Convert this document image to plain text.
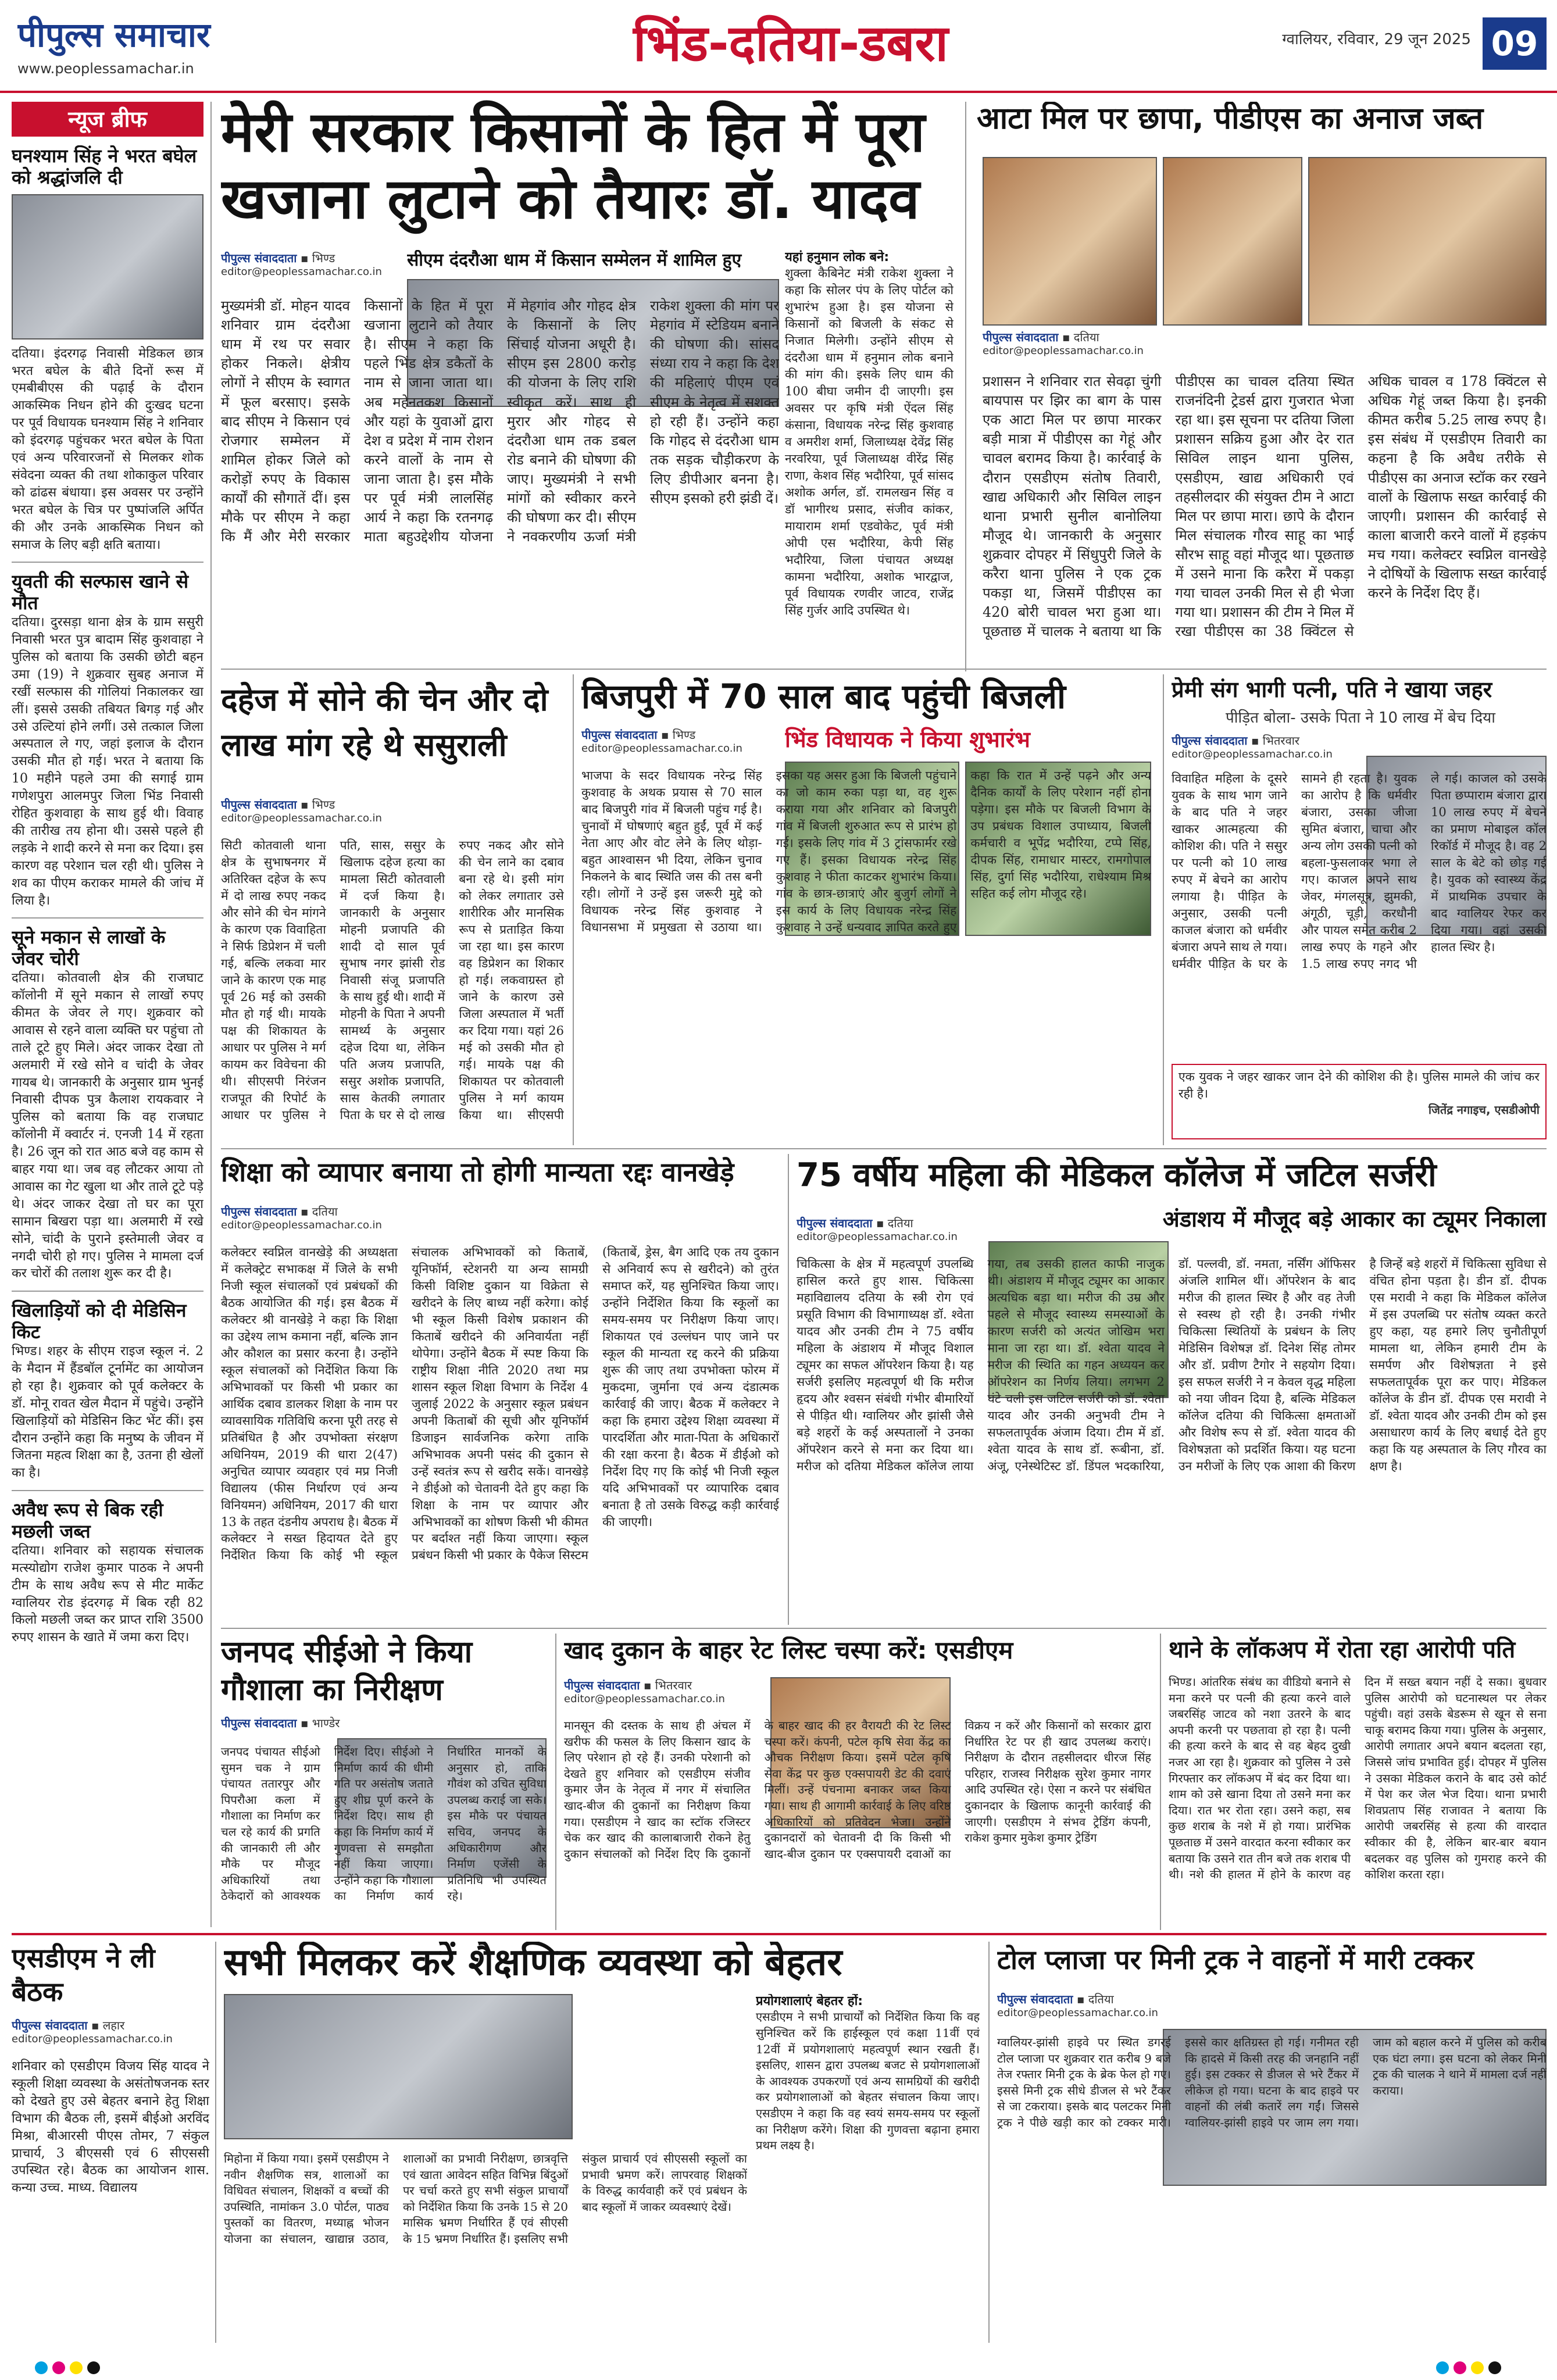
पीपुल्स समाचार
www.peoplessamachar.in	भिंड-दतिया-डबरा	ग्वालियर, रविवार, 29 जून 2025 09
न्यूज ब्रीफ
घनश्याम सिंह ने भरत बघेल को श्रद्धांजलि दी
दतिया। इंदरगढ़ निवासी मेडिकल छात्र भरत बघेल के बीते दिनों रूस में एमबीबीएस की पढ़ाई के दौरान आकस्मिक निधन होने की दुःखद घटना पर पूर्व विधायक घनश्याम सिंह ने शनिवार को इंदरगढ़ पहुंचकर भरत बघेल के पिता एवं अन्य परिवारजनों से मिलकर शोक संवेदना व्यक्त की तथा शोकाकुल परिवार को ढांढस बंधाया। इस अवसर पर उन्होंने भरत बघेल के चित्र पर पुष्पांजलि अर्पित की और उनके आकस्मिक निधन को समाज के लिए बड़ी क्षति बताया।
युवती की सल्फास खाने से मौत
दतिया। दुरसड़ा थाना क्षेत्र के ग्राम ससुरी निवासी भरत पुत्र बादाम सिंह कुशवाहा ने पुलिस को बताया कि उसकी छोटी बहन उमा (19) ने शुक्रवार सुबह अनाज में रखीं सल्फास की गोलियां निकालकर खा लीं। इससे उसकी तबियत बिगड़ गई और उसे उल्टियां होने लगीं। उसे तत्काल जिला अस्पताल ले गए, जहां इलाज के दौरान उसकी मौत हो गई। भरत ने बताया कि 10 महीने पहले उमा की सगाई ग्राम गणेशपुरा आलमपुर जिला भिंड निवासी रोहित कुशवाहा के साथ हुई थी। विवाह की तारीख तय होना थी। उससे पहले ही लड़के ने शादी करने से मना कर दिया। इस कारण वह परेशान चल रही थी। पुलिस ने शव का पीएम कराकर मामले की जांच में लिया है।
सूने मकान से लाखों के जेवर चोरी
दतिया। कोतवाली क्षेत्र की राजघाट कॉलोनी में सूने मकान से लाखों रुपए कीमत के जेवर ले गए। शुक्रवार को आवास से रहने वाला व्यक्ति घर पहुंचा तो ताले टूटे हुए मिले। अंदर जाकर देखा तो अलमारी में रखे सोने व चांदी के जेवर गायब थे। जानकारी के अनुसार ग्राम भुनई निवासी दीपक पुत्र कैलाश रायकवार ने पुलिस को बताया कि वह राजघाट कॉलोनी में क्वार्टर नं. एनजी 14 में रहता है। 26 जून को रात आठ बजे वह काम से बाहर गया था। जब वह लौटकर आया तो आवास का गेट खुला था और ताले टूटे पड़े थे। अंदर जाकर देखा तो घर का पूरा सामान बिखरा पड़ा था। अलमारी में रखे सोने, चांदी के पुराने इस्तेमाली जेवर व नगदी चोरी हो गए। पुलिस ने मामला दर्ज कर चोरों की तलाश शुरू कर दी है।
खिलाड़ियों को दी मेडिसिन किट
भिण्ड। शहर के सीएम राइज स्कूल नं. 2 के मैदान में हैंडबॉल टूर्नामेंट का आयोजन हो रहा है। शुक्रवार को पूर्व कलेक्टर के डॉ. मोनू रावत खेल मैदान में पहुंचे। उन्होंने खिलाड़ियों को मेडिसिन किट भेंट कीं। इस दौरान उन्होंने कहा कि मनुष्य के जीवन में जितना महत्व शिक्षा का है, उतना ही खेलों का है।
अवैध रूप से बिक रही मछली जब्त
दतिया। शनिवार को सहायक संचालक मत्स्योद्योग राजेश कुमार पाठक ने अपनी टीम के साथ अवैध रूप से मीट मार्केट ग्वालियर रोड इंदरगढ़ में बिक रही 82 किलो मछली जब्त कर प्राप्त राशि 3500 रुपए शासन के खाते में जमा करा दिए।
मेरी सरकार किसानों के हित में पूरा खजाना लुटाने को तैयारः डॉ. यादव
पीपुल्स संवाददाता ▪ भिण्ड
editor@peoplessamachar.co.in
सीएम दंदरौआ धाम में किसान सम्मेलन में शामिल हुए
मुख्यमंत्री डॉ. मोहन यादव शनिवार ग्राम दंदरौआ धाम में रथ पर सवार होकर निकले। क्षेत्रीय लोगों ने सीएम के स्वागत में फूल बरसाए। इसके बाद सीएम ने किसान एवं रोजगार सम्मेलन में शामिल होकर जिले को करोड़ों रुपए के विकास कार्यों की सौगातें दीं। इस मौके पर सीएम ने कहा कि मैं और मेरी सरकार किसानों के हित में पूरा खजाना लुटाने को तैयार है। सीएम ने कहा कि पहले भिंड क्षेत्र डकैतों के नाम से जाना जाता था। अब महेनतकश किसानों और यहां के युवाओं द्वारा देश व प्रदेश में नाम रोशन करने वालों के नाम से जाना जाता है। इस मौके पर पूर्व मंत्री लालसिंह आर्य ने कहा कि रतनगढ़ माता बहुउद्देशीय योजना में मेहगांव और गोहद क्षेत्र के किसानों के लिए सिंचाई योजना अधूरी है। सीएम इस 2800 करोड़ की योजना के लिए राशि स्वीकृत करें। साथ ही मुरार और गोहद से दंदरौआ धाम तक डबल रोड बनाने की घोषणा की जाए। मुख्यमंत्री ने सभी मांगों को स्वीकार करने की घोषणा कर दी। सीएम ने नवकरणीय ऊर्जा मंत्री राकेश शुक्ला की मांग पर मेहगांव में स्टेडियम बनाने की घोषणा की। सांसद संध्या राय ने कहा कि देश की महिलाएं पीएम एवं सीएम के नेतृत्व में सशक्त हो रही हैं। उन्होंने कहा कि गोहद से दंदरौआ धाम तक सड़क चौड़ीकरण के लिए डीपीआर बनना है। सीएम इसको हरी झंडी दें।
यहां हनुमान लोक बने:
शुक्ला कैबिनेट मंत्री राकेश शुक्ला ने कहा कि सोलर पंप के लिए पोर्टल को शुभारंभ हुआ है। इस योजना से किसानों को बिजली के संकट से निजात मिलेगी। उन्होंने सीएम से दंदरौआ धाम में हनुमान लोक बनाने की मांग की। इसके लिए धाम की 100 बीघा जमीन दी जाएगी। इस अवसर पर कृषि मंत्री ऐंदल सिंह कंसाना, विधायक नरेन्द्र सिंह कुशवाह व अमरीश शर्मा, जिलाध्यक्ष देवेंद्र सिंह नरवरिया, पूर्व जिलाध्यक्ष वीरेंद्र सिंह राणा, केशव सिंह भदौरिया, पूर्व सांसद अशोक अर्गल, डॉ. रामलखन सिंह व डॉ भागीरथ प्रसाद, संजीव कांकर, मायाराम शर्मा एडवोकेट, पूर्व मंत्री ओपी एस भदौरिया, केपी सिंह भदौरिया, जिला पंचायत अध्यक्ष कामना भदौरिया, अशोक भारद्वाज, पूर्व विधायक रणवीर जाटव, राजेंद्र सिंह गुर्जर आदि उपस्थित थे।
आटा मिल पर छापा, पीडीएस का अनाज जब्त
पीपुल्स संवाददाता ▪ दतिया
editor@peoplessamachar.co.in
प्रशासन ने शनिवार रात सेवढ़ा चुंगी बायपास पर झिर का बाग के पास एक आटा मिल पर छापा मारकर बड़ी मात्रा में पीडीएस का गेहूं और चावल बरामद किया है। कार्रवाई के दौरान एसडीएम संतोष तिवारी, खाद्य अधिकारी और सिविल लाइन थाना प्रभारी सुनील बानोलिया मौजूद थे। जानकारी के अनुसार शुक्रवार दोपहर में सिंधुपुरी जिले के करैरा थाना पुलिस ने एक ट्रक पकड़ा था, जिसमें पीडीएस का 420 बोरी चावल भरा हुआ था। पूछताछ में चालक ने बताया था कि पीडीएस का चावल दतिया स्थित राजनंदिनी ट्रेडर्स द्वारा गुजरात भेजा रहा था। इस सूचना पर दतिया जिला प्रशासन सक्रिय हुआ और देर रात सिविल लाइन थाना पुलिस, एसडीएम, खाद्य अधिकारी एवं तहसीलदार की संयुक्त टीम ने आटा मिल पर छापा मारा। छापे के दौरान मिल संचालक गौरव साहू का भाई सौरभ साहू वहां मौजूद था। पूछताछ में उसने माना कि करैरा में पकड़ा गया चावल उनकी मिल से ही भेजा गया था। प्रशासन की टीम ने मिल में रखा पीडीएस का 38 क्विंटल से अधिक चावल व 178 क्विंटल से अधिक गेहूं जब्त किया है। इनकी कीमत करीब 5.25 लाख रुपए है। इस संबंध में एसडीएम तिवारी का कहना है कि अवैध तरीके से पीडीएस का अनाज स्टॉक कर रखने वालों के खिलाफ सख्त कार्रवाई की जाएगी। प्रशासन की कार्रवाई से काला बाजारी करने वालों में हड़कंप मच गया। कलेक्टर स्वप्निल वानखेड़े ने दोषियों के खिलाफ सख्त कार्रवाई करने के निर्देश दिए हैं।
दहेज में सोने की चेन और दो लाख मांग रहे थे ससुराली
पीपुल्स संवाददाता ▪ भिण्ड
editor@peoplessamachar.co.in
सिटी कोतवाली थाना क्षेत्र के सुभाषनगर में अतिरिक्त दहेज के रूप में दो लाख रुपए नकद और सोने की चेन मांगने के कारण एक विवाहिता ने सिर्फ डिप्रेशन में चली गई, बल्कि लकवा मार जाने के कारण एक माह पूर्व 26 मई को उसकी मौत हो गई थी। मायके पक्ष की शिकायत के आधार पर पुलिस ने मर्ग कायम कर विवेचना की थी। सीएसपी निरंजन राजपूत की रिपोर्ट के आधार पर पुलिस ने पति, सास, ससुर के खिलाफ दहेज हत्या का मामला सिटी कोतवाली में दर्ज किया है। जानकारी के अनुसार मोहनी प्रजापति की शादी दो साल पूर्व सुभाष नगर झांसी रोड निवासी संजू प्रजापति के साथ हुई थी। शादी में मोहनी के पिता ने अपनी सामर्थ्य के अनुसार दहेज दिया था, लेकिन पति अजय प्रजापति, ससुर अशोक प्रजापति, सास केतकी लगातार पिता के घर से दो लाख रुपए नकद और सोने की चेन लाने का दबाव बना रहे थे। इसी मांग को लेकर लगातार उसे शारीरिक और मानसिक रूप से प्रताड़ित किया जा रहा था। इस कारण वह डिप्रेशन का शिकार हो गई। लकवाग्रस्त हो जाने के कारण उसे जिला अस्पताल में भर्ती कर दिया गया। यहां 26 मई को उसकी मौत हो गई। मायके पक्ष की शिकायत पर कोतवाली पुलिस ने मर्ग कायम किया था। सीएसपी
बिजपुरी में 70 साल बाद पहुंची बिजली
पीपुल्स संवाददाता ▪ भिण्ड
editor@peoplessamachar.co.in	भिंड विधायक ने किया शुभारंभ
भाजपा के सदर विधायक नरेन्द्र सिंह कुशवाह के अथक प्रयास से 70 साल बाद बिजपुरी गांव में बिजली पहुंच गई है। चुनावों में घोषणाएं बहुत हुईं, पूर्व में कई नेता आए और वोट लेने के लिए थोड़ा-बहुत आश्वासन भी दिया, लेकिन चुनाव निकलने के बाद स्थिति जस की तस बनी रही। लोगों ने उन्हें इस जरूरी मुद्दे को विधायक नरेन्द्र सिंह कुशवाह ने विधानसभा में प्रमुखता से उठाया था। इसका यह असर हुआ कि बिजली पहुंचाने का जो काम रुका पड़ा था, वह शुरू कराया गया और शनिवार को बिजपुरी गांव में बिजली शुरुआत रूप से प्रारंभ हो गई। इसके लिए गांव में 3 ट्रांसफार्मर रखे गए हैं। इसका विधायक नरेन्द्र सिंह कुशवाह ने फीता काटकर शुभारंभ किया। गांव के छात्र-छात्राएं और बुजुर्ग लोगों ने इस कार्य के लिए विधायक नरेन्द्र सिंह कुशवाह ने उन्हें धन्यवाद ज्ञापित करते हुए कहा कि रात में उन्हें पढ़ने और अन्य दैनिक कार्यों के लिए परेशान नहीं होना पड़ेगा। इस मौके पर बिजली विभाग के उप प्रबंधक विशाल उपाध्याय, बिजली कर्मचारी व भूपेंद्र भदौरिया, टप्पे सिंह, दीपक सिंह, रामाधार मास्टर, रामगोपाल सिंह, दुर्गा सिंह भदौरिया, राधेश्याम मिश्र सहित कई लोग मौजूद रहे।
प्रेमी संग भागी पत्नी, पति ने खाया जहर
पीड़ित बोला- उसके पिता ने 10 लाख में बेच दिया
पीपुल्स संवाददाता ▪ भितरवार
editor@peoplessamachar.co.in
विवाहित महिला के दूसरे युवक के साथ भाग जाने के बाद पति ने जहर खाकर आत्महत्या की कोशिश की। पति ने ससुर पर पत्नी को 10 लाख रुपए में बेचने का आरोप लगाया है। पीड़ित के अनुसार, उसकी पत्नी काजल बंजारा को धर्मवीर बंजारा अपने साथ ले गया। धर्मवीर पीड़ित के घर के सामने ही रहता है। युवक का आरोप है कि धर्मवीर बंजारा, उसका जीजा सुमित बंजारा, चाचा और अन्य लोग उसकी पत्नी को बहला-फुसलाकर भगा ले गए। काजल अपने साथ जेवर, मंगलसूत्र, झुमकी, अंगूठी, चूड़ी, करधौनी और पायल समेत करीब 2 लाख रुपए के गहने और 1.5 लाख रुपए नगद भी ले गई। काजल को उसके पिता छप्पाराम बंजारा द्वारा 10 लाख रुपए में बेचने का प्रमाण मोबाइल कॉल रिकॉर्ड में मौजूद है। वह 2 साल के बेटे को छोड़ गई है। युवक को स्वास्थ्य केंद्र में प्राथमिक उपचार के बाद ग्वालियर रेफर कर दिया गया। वहां उसकी हालत स्थिर है।
एक युवक ने जहर खाकर जान देने की कोशिश की है। पुलिस मामले की जांच कर रही है।
जितेंद्र नगाइच, एसडीओपी
शिक्षा को व्यापार बनाया तो होगी मान्यता रद्दः वानखेड़े
पीपुल्स संवाददाता ▪ दतिया
editor@peoplessamachar.co.in
कलेक्टर स्वप्निल वानखेड़े की अध्यक्षता में कलेक्ट्रेट सभाकक्ष में जिले के सभी निजी स्कूल संचालकों एवं प्रबंधकों की बैठक आयोजित की गई। इस बैठक में कलेक्टर श्री वानखेड़े ने कहा कि शिक्षा का उद्देश्य लाभ कमाना नहीं, बल्कि ज्ञान और कौशल का प्रसार करना है। उन्होंने स्कूल संचालकों को निर्देशित किया कि अभिभावकों पर किसी भी प्रकार का आर्थिक दबाव डालकर शिक्षा के नाम पर व्यावसायिक गतिविधि करना पूरी तरह से प्रतिबंधित है और उपभोक्ता संरक्षण अधिनियम, 2019 की धारा 2(47) अनुचित व्यापार व्यवहार एवं मप्र निजी विद्यालय (फीस निर्धारण एवं अन्य विनियमन) अधिनियम, 2017 की धारा 13 के तहत दंडनीय अपराध है। बैठक में कलेक्टर ने सख्त हिदायत देते हुए निर्देशित किया कि कोई भी स्कूल संचालक अभिभावकों को किताबें, यूनिफॉर्म, स्टेशनरी या अन्य सामग्री किसी विशिष्ट दुकान या विक्रेता से खरीदने के लिए बाध्य नहीं करेगा। कोई भी स्कूल किसी विशेष प्रकाशन की किताबें खरीदने की अनिवार्यता नहीं थोपेगा। उन्होंने बैठक में स्पष्ट किया कि राष्ट्रीय शिक्षा नीति 2020 तथा मप्र शासन स्कूल शिक्षा विभाग के निर्देश 4 जुलाई 2022 के अनुसार स्कूल प्रबंधन अपनी किताबों की सूची और यूनिफॉर्म डिजाइन सार्वजनिक करेगा ताकि अभिभावक अपनी पसंद की दुकान से उन्हें स्वतंत्र रूप से खरीद सकें। वानखेड़े ने डीईओ को चेतावनी देते हुए कहा कि शिक्षा के नाम पर व्यापार और अभिभावकों का शोषण किसी भी कीमत पर बर्दाश्त नहीं किया जाएगा। स्कूल प्रबंधन किसी भी प्रकार के पैकेज सिस्टम (किताबें, ड्रेस, बैग आदि एक तय दुकान से अनिवार्य रूप से खरीदने) को तुरंत समाप्त करें, यह सुनिश्चित किया जाए। उन्होंने निर्देशित किया कि स्कूलों का समय-समय पर निरीक्षण किया जाए। शिकायत एवं उल्लंघन पाए जाने पर स्कूल की मान्यता रद्द करने की प्रक्रिया शुरू की जाए तथा उपभोक्ता फोरम में मुकदमा, जुर्माना एवं अन्य दंडात्मक कार्रवाई की जाए। बैठक में कलेक्टर ने कहा कि हमारा उद्देश्य शिक्षा व्यवस्था में पारदर्शिता और माता-पिता के अधिकारों की रक्षा करना है। बैठक में डीईओ को निर्देश दिए गए कि कोई भी निजी स्कूल यदि अभिभावकों पर व्यापारिक दबाव बनाता है तो उसके विरुद्ध कड़ी कार्रवाई की जाएगी।
75 वर्षीय महिला की मेडिकल कॉलेज में जटिल सर्जरी
अंडाशय में मौजूद बड़े आकार का ट्यूमर निकाला
पीपुल्स संवाददाता ▪ दतिया
editor@peoplessamachar.co.in
चिकित्सा के क्षेत्र में महत्वपूर्ण उपलब्धि हासिल करते हुए शास. चिकित्सा महाविद्यालय दतिया के स्त्री रोग एवं प्रसूति विभाग की विभागाध्यक्ष डॉ. श्वेता यादव और उनकी टीम ने 75 वर्षीय महिला के अंडाशय में मौजूद विशाल ट्यूमर का सफल ऑपरेशन किया है। यह सर्जरी इसलिए महत्वपूर्ण थी कि मरीज हृदय और श्वसन संबंधी गंभीर बीमारियों से पीड़ित थी। ग्वालियर और झांसी जैसे बड़े शहरों के कई अस्पतालों ने उनका ऑपरेशन करने से मना कर दिया था। मरीज को दतिया मेडिकल कॉलेज लाया गया, तब उसकी हालत काफी नाजुक थी। अंडाशय में मौजूद ट्यूमर का आकार अत्यधिक बड़ा था। मरीज की उम्र और पहले से मौजूद स्वास्थ्य समस्याओं के कारण सर्जरी को अत्यंत जोखिम भरा माना जा रहा था। डॉ. श्वेता यादव ने मरीज की स्थिति का गहन अध्ययन कर ऑपरेशन का निर्णय लिया। लगभग 2 घंटे चली इस जटिल सर्जरी को डॉ. श्वेता यादव और उनकी अनुभवी टीम ने सफलतापूर्वक अंजाम दिया। टीम में डॉ. श्वेता यादव के साथ डॉ. रूबीना, डॉ. अंजू, एनेस्थेटिस्ट डॉ. डिंपल भदकारिया, डॉ. पल्लवी, डॉ. नमता, नर्सिंग ऑफिसर अंजलि शामिल थीं। ऑपरेशन के बाद मरीज की हालत स्थिर है और वह तेजी से स्वस्थ हो रही है। उनकी गंभीर चिकित्सा स्थितियों के प्रबंधन के लिए मेडिसिन विशेषज्ञ डॉ. दिनेश सिंह तोमर और डॉ. प्रवीण टैगोर ने सहयोग दिया। इस सफल सर्जरी ने न केवल वृद्ध महिला को नया जीवन दिया है, बल्कि मेडिकल कॉलेज दतिया की चिकित्सा क्षमताओं और विशेष रूप से डॉ. श्वेता यादव की विशेषज्ञता को प्रदर्शित किया। यह घटना उन मरीजों के लिए एक आशा की किरण है जिन्हें बड़े शहरों में चिकित्सा सुविधा से वंचित होना पड़ता है। डीन डॉ. दीपक एस मरावी ने कहा कि मेडिकल कॉलेज में इस उपलब्धि पर संतोष व्यक्त करते हुए कहा, यह हमारे लिए चुनौतीपूर्ण मामला था, लेकिन हमारी टीम के समर्पण और विशेषज्ञता ने इसे सफलतापूर्वक पूरा कर पाए। मेडिकल कॉलेज के डीन डॉ. दीपक एस मरावी ने डॉ. श्वेता यादव और उनकी टीम को इस असाधारण कार्य के लिए बधाई देते हुए कहा कि यह अस्पताल के लिए गौरव का क्षण है।
जनपद सीईओ ने किया गौशाला का निरीक्षण
पीपुल्स संवाददाता ▪ भाण्डेर
जनपद पंचायत सीईओ सुमन चक ने ग्राम पंचायत ततारपुर और पिपरौआ कला में गौशाला का निर्माण कर चल रहे कार्य की प्रगति की जानकारी ली और मौके पर मौजूद अधिकारियों तथा ठेकेदारों को आवश्यक निर्देश दिए। सीईओ ने निर्माण कार्य की धीमी गति पर असंतोष जताते हुए शीघ्र पूर्ण करने के निर्देश दिए। साथ ही कहा कि निर्माण कार्य में गुणवत्ता से समझौता नहीं किया जाएगा। उन्होंने कहा कि गौशाला का निर्माण कार्य निर्धारित मानकों के अनुसार हो, ताकि गौवंश को उचित सुविधा उपलब्ध कराई जा सके। इस मौके पर पंचायत सचिव, जनपद के अधिकारीगण और निर्माण एजेंसी के प्रतिनिधि भी उपस्थित रहे।
खाद दुकान के बाहर रेट लिस्ट चस्पा करें: एसडीएम
पीपुल्स संवाददाता ▪ भितरवार
editor@peoplessamachar.co.in
मानसून की दस्तक के साथ ही अंचल में खरीफ की फसल के लिए किसान खाद के लिए परेशान हो रहे हैं। उनकी परेशानी को देखते हुए शनिवार को एसडीएम संजीव कुमार जैन के नेतृत्व में नगर में संचालित खाद-बीज की दुकानों का निरीक्षण किया गया। एसडीएम ने खाद का स्टॉक रजिस्टर चेक कर खाद की कालाबाजारी रोकने हेतु दुकान संचालकों को निर्देश दिए कि दुकानों के बाहर खाद की हर वैरायटी की रेट लिस्ट चस्पा करें। कंपनी, पटेल कृषि सेवा केंद्र का औचक निरीक्षण किया। इसमें पटेल कृषि सेवा केंद्र पर कुछ एक्सपायरी डेट की दवाएं मिलीं। उन्हें पंचनामा बनाकर जब्त किया गया। साथ ही आगामी कार्रवाई के लिए वरिष्ठ अधिकारियों को प्रतिवेदन भेजा। उन्होंने दुकानदारों को चेतावनी दी कि किसी भी खाद-बीज दुकान पर एक्सपायरी दवाओं का विक्रय न करें और किसानों को सरकार द्वारा निर्धारित रेट पर ही खाद उपलब्ध कराएं। निरीक्षण के दौरान तहसीलदार धीरज सिंह परिहार, राजस्व निरीक्षक सुरेश कुमार नागर आदि उपस्थित रहे। ऐसा न करने पर संबंधित दुकानदार के खिलाफ कानूनी कार्रवाई की जाएगी। एसडीएम ने संभव ट्रेडिंग कंपनी, राकेश कुमार मुकेश कुमार ट्रेडिंग
थाने के लॉकअप में रोता रहा आरोपी पति
भिण्ड। आंतरिक संबंध का वीडियो बनाने से मना करने पर पत्नी की हत्या करने वाले जबरसिंह जाटव को नशा उतरने के बाद अपनी करनी पर पछतावा हो रहा है। पत्नी की हत्या करने के बाद से वह बेहद दुखी नजर आ रहा है। शुक्रवार को पुलिस ने उसे गिरफ्तार कर लॉकअप में बंद कर दिया था। शाम को उसे खाना दिया तो उसने मना कर दिया। रात भर रोता रहा। उसने कहा, सब कुछ शराब के नशे में हो गया। प्रारंभिक पूछताछ में उसने वारदात करना स्वीकार कर बताया कि उसने रात तीन बजे तक शराब पी थी। नशे की हालत में होने के कारण वह दिन में सख्त बयान नहीं दे सका। बुधवार पुलिस आरोपी को घटनास्थल पर लेकर पहुंची। वहां उसके बेडरूम से खून से सना चाकू बरामद किया गया। पुलिस के अनुसार, आरोपी लगातार अपने बयान बदलता रहा, जिससे जांच प्रभावित हुई। दोपहर में पुलिस ने उसका मेडिकल कराने के बाद उसे कोर्ट में पेश कर जेल भेज दिया। थाना प्रभारी शिवप्रताप सिंह राजावत ने बताया कि आरोपी जबरसिंह से हत्या की वारदात स्वीकार की है, लेकिन बार-बार बयान बदलकर वह पुलिस को गुमराह करने की कोशिश करता रहा।
एसडीएम ने ली बैठक
पीपुल्स संवाददाता ▪ लहार
editor@peoplessamachar.co.in
शनिवार को एसडीएम विजय सिंह यादव ने स्कूली शिक्षा व्यवस्था के असंतोषजनक स्तर को देखते हुए उसे बेहतर बनाने हेतु शिक्षा विभाग की बैठक ली, इसमें बीईओ अरविंद मिश्रा, बीआरसी पीएस तोमर, 7 संकुल प्राचार्य, 3 बीएससी एवं 6 सीएससी उपस्थित रहे। बैठक का आयोजन शास. कन्या उच्च. माध्य. विद्यालय
सभी मिलकर करें शैक्षणिक व्यवस्था को बेहतर
मिहोना में किया गया। इसमें एसडीएम ने नवीन शैक्षणिक सत्र, शालाओं का विधिवत संचालन, शिक्षकों व बच्चों की उपस्थिति, नामांकन 3.0 पोर्टल, पाठ्य पुस्तकों का वितरण, मध्याह्न भोजन योजना का संचालन, खाद्यान्न उठाव, शालाओं का प्रभावी निरीक्षण, छात्रवृत्ति एवं खाता आवेदन सहित विभिन्न बिंदुओं पर चर्चा करते हुए सभी संकुल प्राचार्यों को निर्देशित किया कि उनके 15 से 20 मासिक भ्रमण निर्धारित हैं एवं सीएसी के 15 भ्रमण निर्धारित हैं। इसलिए सभी संकुल प्राचार्य एवं सीएससी स्कूलों का प्रभावी भ्रमण करें। लापरवाह शिक्षकों के विरुद्ध कार्यवाही करें एवं प्रबंधन के बाद स्कूलों में जाकर व्यवस्थाएं देखें।
प्रयोगशालाएं बेहतर हों:
एसडीएम ने सभी प्राचार्यों को निर्देशित किया कि वह सुनिश्चित करें कि हाईस्कूल एवं कक्षा 11वीं एवं 12वीं में प्रयोगशालाएं महत्वपूर्ण स्थान रखती हैं। इसलिए, शासन द्वारा उपलब्ध बजट से प्रयोगशालाओं के आवश्यक उपकरणों एवं अन्य सामग्रियों की खरीदी कर प्रयोगशालाओं को बेहतर संचालन किया जाए। एसडीएम ने कहा कि वह स्वयं समय-समय पर स्कूलों का निरीक्षण करेंगे। शिक्षा की गुणवत्ता बढ़ाना हमारा प्रथम लक्ष्य है।
टोल प्लाजा पर मिनी ट्रक ने वाहनों में मारी टक्कर
पीपुल्स संवाददाता ▪ दतिया
editor@peoplessamachar.co.in
ग्वालियर-झांसी हाइवे पर स्थित डगरई टोल प्लाजा पर शुक्रवार रात करीब 9 बजे तेज रफ्तार मिनी ट्रक के ब्रेक फेल हो गए। इससे मिनी ट्रक सीधे डीजल से भरे टैंकर से जा टकराया। इसके बाद पलटकर मिनी ट्रक ने पीछे खड़ी कार को टक्कर मारी। इससे कार क्षतिग्रस्त हो गई। गनीमत रही कि हादसे में किसी तरह की जनहानि नहीं हुई। इस टक्कर से डीजल से भरे टैंकर में लीकेज हो गया। घटना के बाद हाइवे पर वाहनों की लंबी कतारें लग गईं। जिससे ग्वालियर-झांसी हाइवे पर जाम लग गया। जाम को बहाल करने में पुलिस को करीब एक घंटा लगा। इस घटना को लेकर मिनी ट्रक की चालक ने थाने में मामला दर्ज नहीं कराया।
